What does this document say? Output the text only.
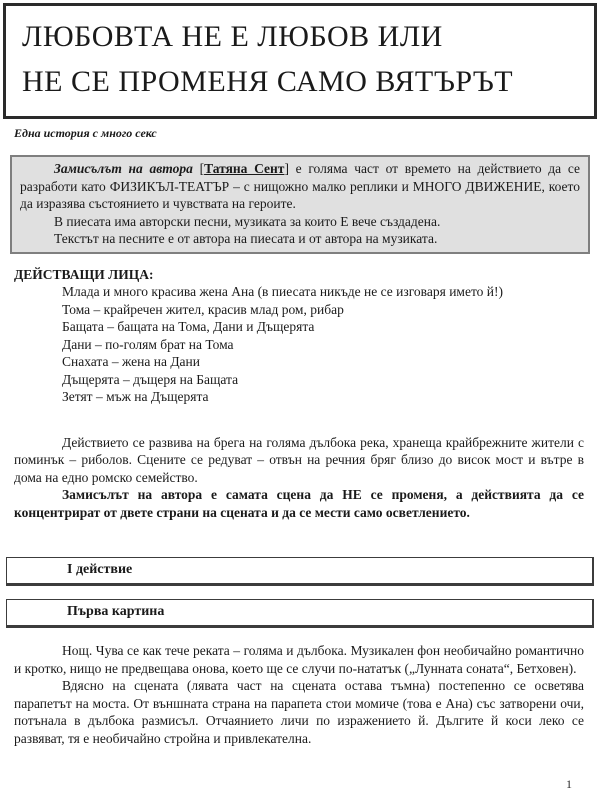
ЛЮБОВТА НЕ Е ЛЮБОВ ИЛИ
НЕ СЕ ПРОМЕНЯ САМО ВЯТЪРЪТ
Една история с много секс

Замисълът на автора [Татяна Сент] е голяма част от времето на действието да се разработи като ФИЗИКЪЛ-ТЕАТЪР – с нищожно малко реплики и МНОГО ДВИЖЕНИЕ, което да изразява състоянието и чувствата на героите.

В пиесата има авторски песни, музиката за които Е вече създадена.

Текстът на песните е от автора на пиесата и от автора на музиката.

ДЕЙСТВАЩИ ЛИЦА:
Млада и много красива жена Ана (в пиесата никъде не се изговаря името й!)
Тома – крайречен жител, красив млад ром, рибар
Бащата – бащата на Тома, Дани и Дъщерята
Дани – по-голям брат на Тома
Снахата – жена на Дани
Дъщерята – дъщеря на Бащата
Зетят – мъж на Дъщерята

Действието се развива на брега на голяма дълбока река, хранеща крайбрежните жители с поминък – риболов. Сцените се редуват – отвън на речния бряг близо до висок мост и вътре в дома на едно ромско семейство.

Замисълът на автора е самата сцена да НЕ се променя, а действията да се концентрират от двете страни на сцената и да се мести само осветлението.

I действие
Първа картина

Нощ. Чува се как тече реката – голяма и дълбока. Музикален фон необичайно романтично и кротко, нищо не предвещава онова, което ще се случи по-нататък („Лунната соната“, Бетховен).

Вдясно на сцената (лявата част на сцената остава тъмна) постепенно се осветява парапетът на моста. От външната страна на парапета стои момиче (това е Ана) със затворени очи, потънала в дълбока размисъл. Отчаянието личи по изражението й. Дългите й коси леко се развяват, тя е необичайно стройна и привлекателна.

1
